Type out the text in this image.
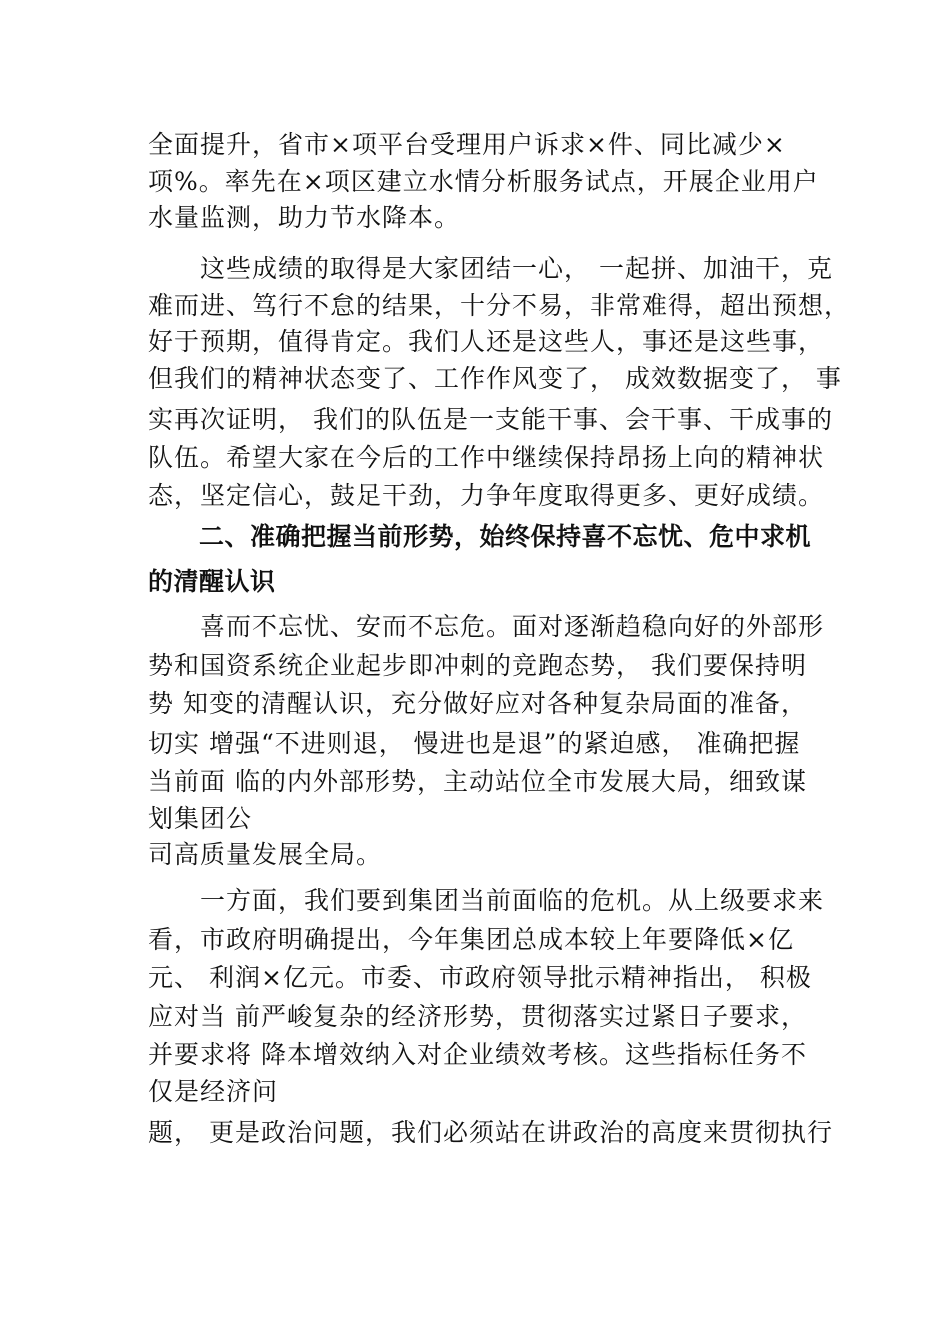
全面提升，省市×项平台受理用户诉求×件、同比减少×
项%。率先在×项区建立水情分析服务试点，开展企业用户
水量监测，助力节水降本。
　　这些成绩的取得是大家团结一心， 一起拼、加油干，克
难而进、笃行不怠的结果，十分不易，非常难得，超出预想，
好于预期，值得肯定。我们人还是这些人，事还是这些事，
但我们的精神状态变了、工作作风变了， 成效数据变了， 事
实再次证明， 我们的队伍是一支能干事、会干事、干成事的
队伍。希望大家在今后的工作中继续保持昂扬上向的精神状
态，坚定信心，鼓足干劲，力争年度取得更多、更好成绩。
　　二、准确把握当前形势，始终保持喜不忘忧、危中求机
的清醒认识
　　喜而不忘忧、安而不忘危。面对逐渐趋稳向好的外部形
势和国资系统企业起步即冲刺的竞跑态势， 我们要保持明
势 知变的清醒认识，充分做好应对各种复杂局面的准备，
切实 增强“不进则退， 慢进也是退”的紧迫感， 准确把握
当前面 临的内外部形势，主动站位全市发展大局，细致谋
划集团公
司高质量发展全局。
　　一方面，我们要到集团当前面临的危机。从上级要求来
看，市政府明确提出，今年集团总成本较上年要降低×亿
元、 利润×亿元。市委、市政府领导批示精神指出， 积极
应对当 前严峻复杂的经济形势，贯彻落实过紧日子要求，
并要求将 降本增效纳入对企业绩效考核。这些指标任务不
仅是经济问
题， 更是政治问题，我们必须站在讲政治的高度来贯彻执行
